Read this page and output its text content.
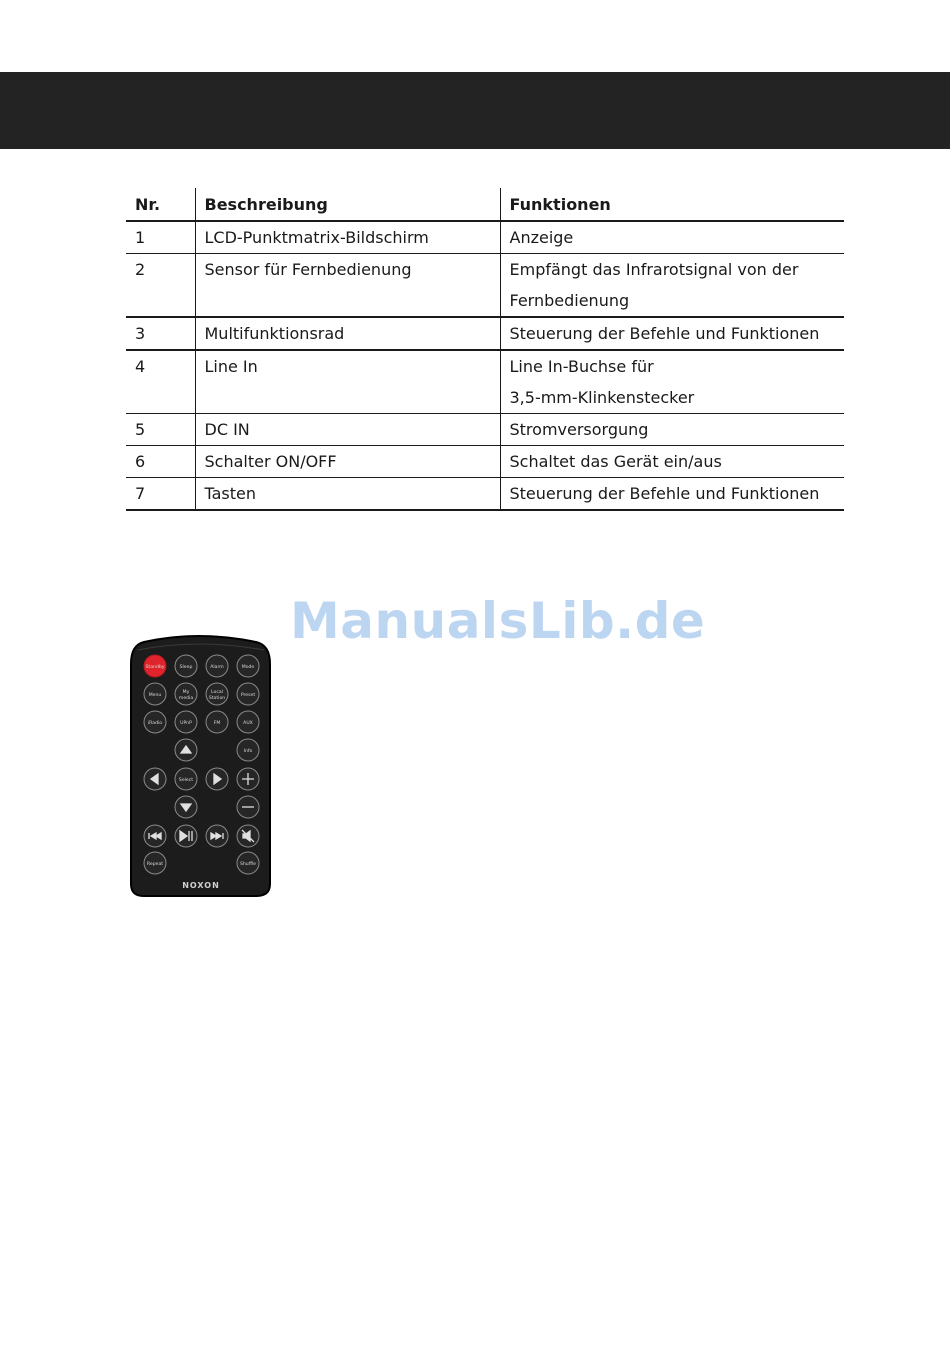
Nr.	Beschreibung	Funktionen
1	LCD-Punktmatrix-Bildschirm	Anzeige

2	Sensor für Fernbedienung	Empfängt das Infrarotsignal von der
Fernbedienung

3	Multifunktionsrad	Steuerung der Befehle und Funktionen

4	Line In	Line In-Buchse für
3,5-mm-Klinkenstecker

5	DC IN	Stromversorgung

6	Schalter ON/OFF	Schaltet das Gerät ein/aus

7	Tasten	Steuerung der Befehle und Funktionen
ManualsLib.de
NOXON
Standby	Sleep	Alarm	Mode
Menu
My
media
Local
Station
Preset
iRadio	UPnP	FM	AUX
Info
Select
Repeat	Shuffle
